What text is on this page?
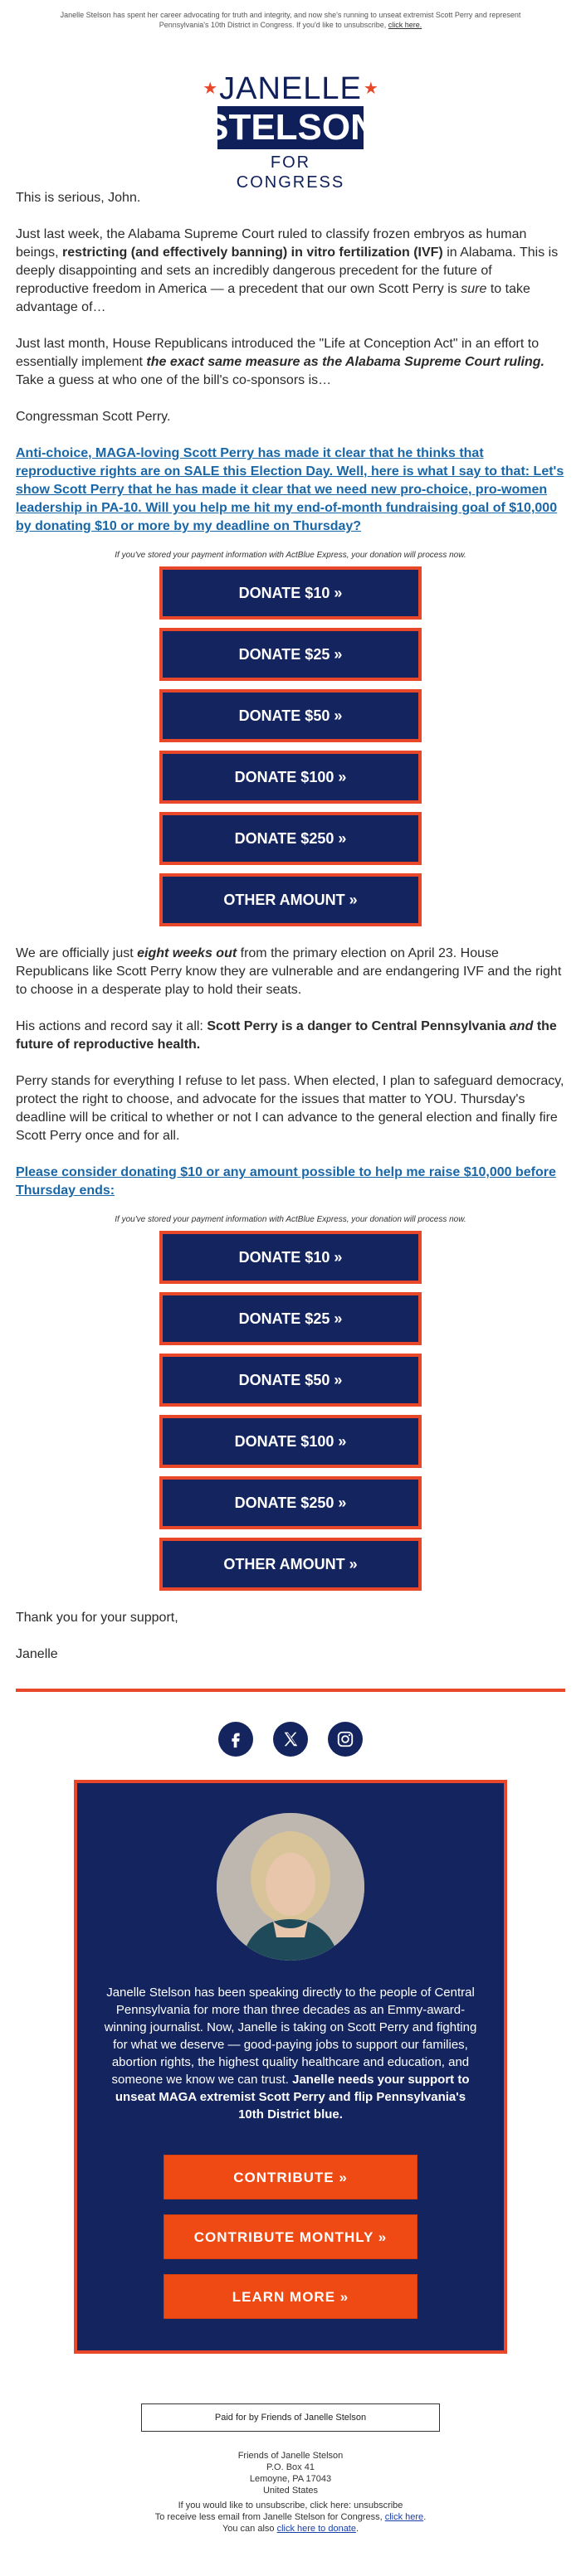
Janelle Stelson has spent her career advocating for truth and integrity, and now she's running to unseat extremist Scott Perry and represent Pennsylvania's 10th District in Congress. If you'd like to unsubscribe, click here.
★ JANELLE ★
STELSON
FOR CONGRESS

This is serious, John.

Just last week, the Alabama Supreme Court ruled to classify frozen embryos as human beings, restricting (and effectively banning) in vitro fertilization (IVF) in Alabama. This is deeply disappointing and sets an incredibly dangerous precedent for the future of reproductive freedom in America — a precedent that our own Scott Perry is sure to take advantage of…

Just last month, House Republicans introduced the "Life at Conception Act" in an effort to essentially implement the exact same measure as the Alabama Supreme Court ruling. Take a guess at who one of the bill's co-sponsors is…

Congressman Scott Perry.

Anti-choice, MAGA-loving Scott Perry has made it clear that he thinks that reproductive rights are on SALE this Election Day. Well, here is what I say to that: Let's show Scott Perry that he has made it clear that we need new pro-choice, pro-women leadership in PA-10. Will you help me hit my end-of-month fundraising goal of $10,000 by donating $10 or more by my deadline on Thursday?

If you've stored your payment information with ActBlue Express, your donation will process now.
DONATE $10 »
DONATE $25 »
DONATE $50 »
DONATE $100 »
DONATE $250 »
OTHER AMOUNT »

We are officially just eight weeks out from the primary election on April 23. House Republicans like Scott Perry know they are vulnerable and are endangering IVF and the right to choose in a desperate play to hold their seats.

His actions and record say it all: Scott Perry is a danger to Central Pennsylvania and the future of reproductive health.

Perry stands for everything I refuse to let pass. When elected, I plan to safeguard democracy, protect the right to choose, and advocate for the issues that matter to YOU. Thursday's deadline will be critical to whether or not I can advance to the general election and finally fire Scott Perry once and for all.

Please consider donating $10 or any amount possible to help me raise $10,000 before Thursday ends:

If you've stored your payment information with ActBlue Express, your donation will process now.
DONATE $10 »
DONATE $25 »
DONATE $50 »
DONATE $100 »
DONATE $250 »
OTHER AMOUNT »

Thank you for your support,

Janelle

Janelle Stelson has been speaking directly to the people of Central Pennsylvania for more than three decades as an Emmy-award-winning journalist. Now, Janelle is taking on Scott Perry and fighting for what we deserve — good-paying jobs to support our families, abortion rights, the highest quality healthcare and education, and someone we know we can trust. Janelle needs your support to unseat MAGA extremist Scott Perry and flip Pennsylvania's 10th District blue.
CONTRIBUTE »
CONTRIBUTE MONTHLY »
LEARN MORE »
Paid for by Friends of Janelle Stelson
Friends of Janelle Stelson
P.O. Box 41
Lemoyne, PA 17043
United States
If you would like to unsubscribe, click here: unsubscribe
To receive less email from Janelle Stelson for Congress, click here.
You can also click here to donate.
